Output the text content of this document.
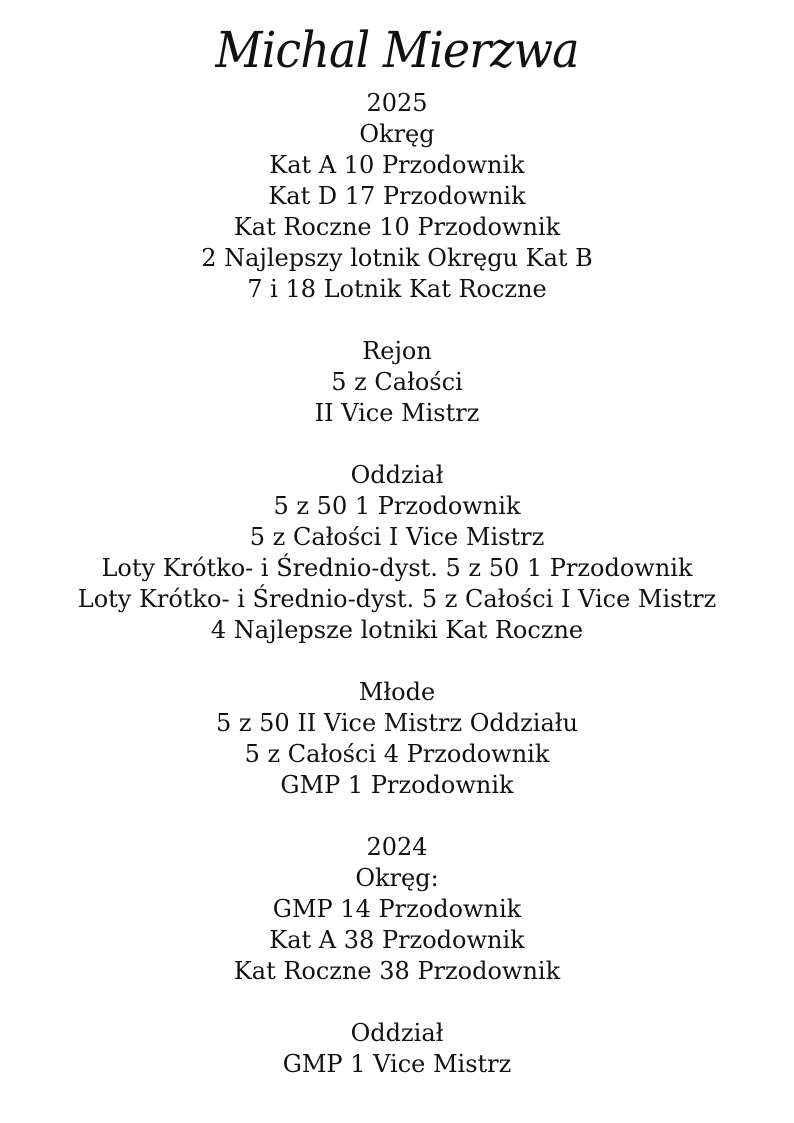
Michal Mierzwa
2025
Okręg
Kat A 10 Przodownik
Kat D 17 Przodownik
Kat Roczne 10 Przodownik
2 Najlepszy lotnik Okręgu Kat B
7 i 18 Lotnik Kat Roczne
Rejon
5 z Całości
II Vice Mistrz
Oddział
5 z 50 1 Przodownik
5 z Całości I Vice Mistrz
Loty Krótko- i Średnio-dyst. 5 z 50 1 Przodownik
Loty Krótko- i Średnio-dyst. 5 z Całości I Vice Mistrz
4 Najlepsze lotniki Kat Roczne
Młode
5 z 50 II Vice Mistrz Oddziału
5 z Całości 4 Przodownik
GMP 1 Przodownik
2024
Okręg:
GMP 14 Przodownik
Kat A 38 Przodownik
Kat Roczne 38 Przodownik
Oddział
GMP 1 Vice Mistrz
